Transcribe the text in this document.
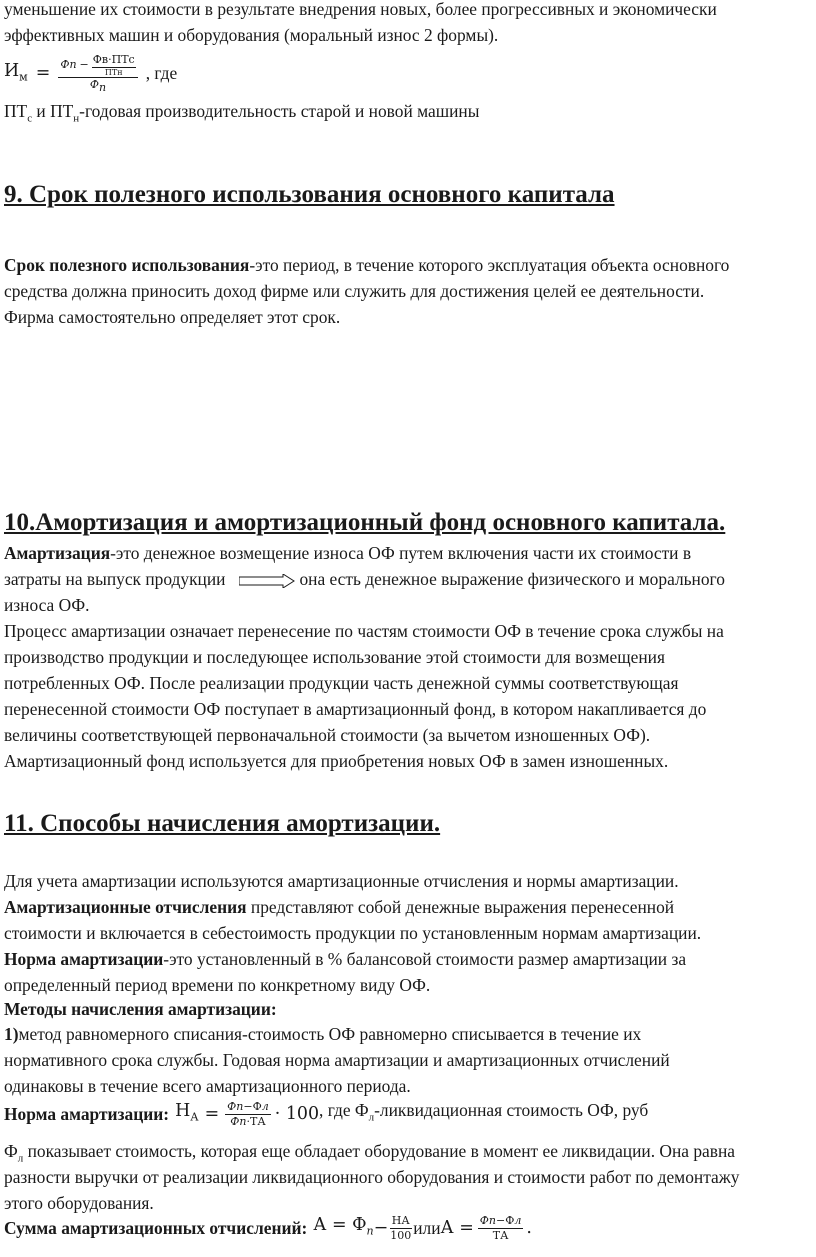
уменьшение их стоимости в результате внедрения новых, более прогрессивных и экономически

эффективных машин и оборудования (моральный износ 2 формы).

$И_м = Ф$ п − Фв·ПТс
ПТн
$Ф_п$ , где

$ПТ_с$ и $ПТ_н$-годовая производительность старой и новой машины

9. Срок полезного использования основного капитала

Срок полезного использования-это период, в течение которого эксплуатация объекта основного

средства должна приносить доход фирме или служить для достижения целей ее деятельности.

Фирма самостоятельно определяет этот срок.

10.Амортизация и амортизационный фонд основного капитала.

Амартизация-это денежное возмещение износа ОФ путем включения части их стоимости в

затраты на выпуск продукции	она есть денежное выражение физического и морального

износа ОФ.

Процесс амартизации означает перенесение по частям стоимости ОФ в течение срока службы на

производство продукции и последующее использование этой стоимости для возмещения

потребленных ОФ. После реализации продукции часть денежной суммы соответствующая

перенесенной стоимости ОФ поступает в амартизационный фонд, в котором накапливается до

величины соответствующей первоначальной стоимости (за вычетом изношенных ОФ).

Амартизационный фонд используется для приобретения новых ОФ в замен изношенных.

11. Способы начисления амортизации.

Для учета амартизации используются амартизационные отчисления и нормы амартизации.

Амартизационные отчисления представляют собой денежные выражения перенесенной

стоимости и включается в себестоимость продукции по установленным нормам амартизации.

Норма амартизации-это установленный в % балансовой стоимости размер амартизации за

определенный период времени по конкретному виду ОФ.

Методы начисления амартизации:

1)метод равномерного списания-стоимость ОФ равномерно списывается в течение их

нормативного срока службы. Годовая норма амартизации и амартизационных отчислений

одинаковы в течение всего амартизационного периода.

Норма амартизации: $Н_А = \frac{Фп-Фл}{Фп\cdot ТА} \cdot 100$ , где $Ф_л$-ликвидационная стоимость ОФ, руб

$Ф_л$ показывает стоимость, которая еще обладает оборудование в момент ее ликвидации. Она равна

разности выручки от реализации ликвидационного оборудования и стоимости работ по демонтажу

этого оборудования.

Сумма амартизационных отчислений: $А = Ф_п - \frac{НА}{100}$ или $А = \frac{Фп-Фл}{ТА}$ .
